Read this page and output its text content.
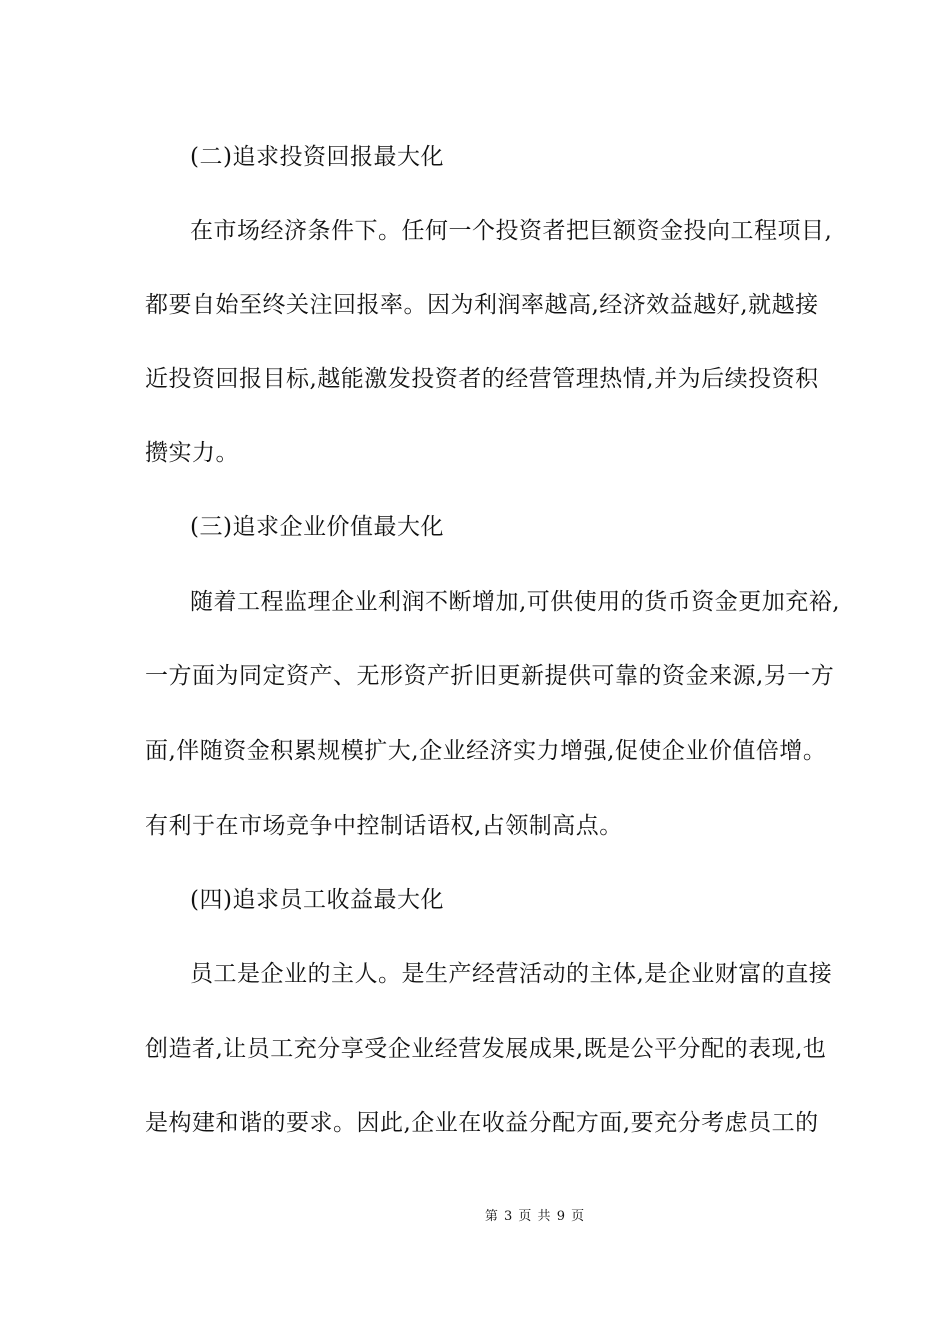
(二)追求投资回报最大化
在市场经济条件下。任何一个投资者把巨额资金投向工程项目,
都要自始至终关注回报率。因为利润率越高,经济效益越好,就越接
近投资回报目标,越能激发投资者的经营管理热情,并为后续投资积
攒实力。
(三)追求企业价值最大化
随着工程监理企业利润不断增加,可供使用的货币资金更加充裕,
一方面为同定资产、无形资产折旧更新提供可靠的资金来源,另一方
面,伴随资金积累规模扩大,企业经济实力增强,促使企业价值倍增。
有利于在市场竞争中控制话语权,占领制高点。
(四)追求员工收益最大化
员工是企业的主人。是生产经营活动的主体,是企业财富的直接
创造者,让员工充分享受企业经营发展成果,既是公平分配的表现,也
是构建和谐的要求。因此,企业在收益分配方面,要充分考虑员工的
第 3 页 共 9 页
